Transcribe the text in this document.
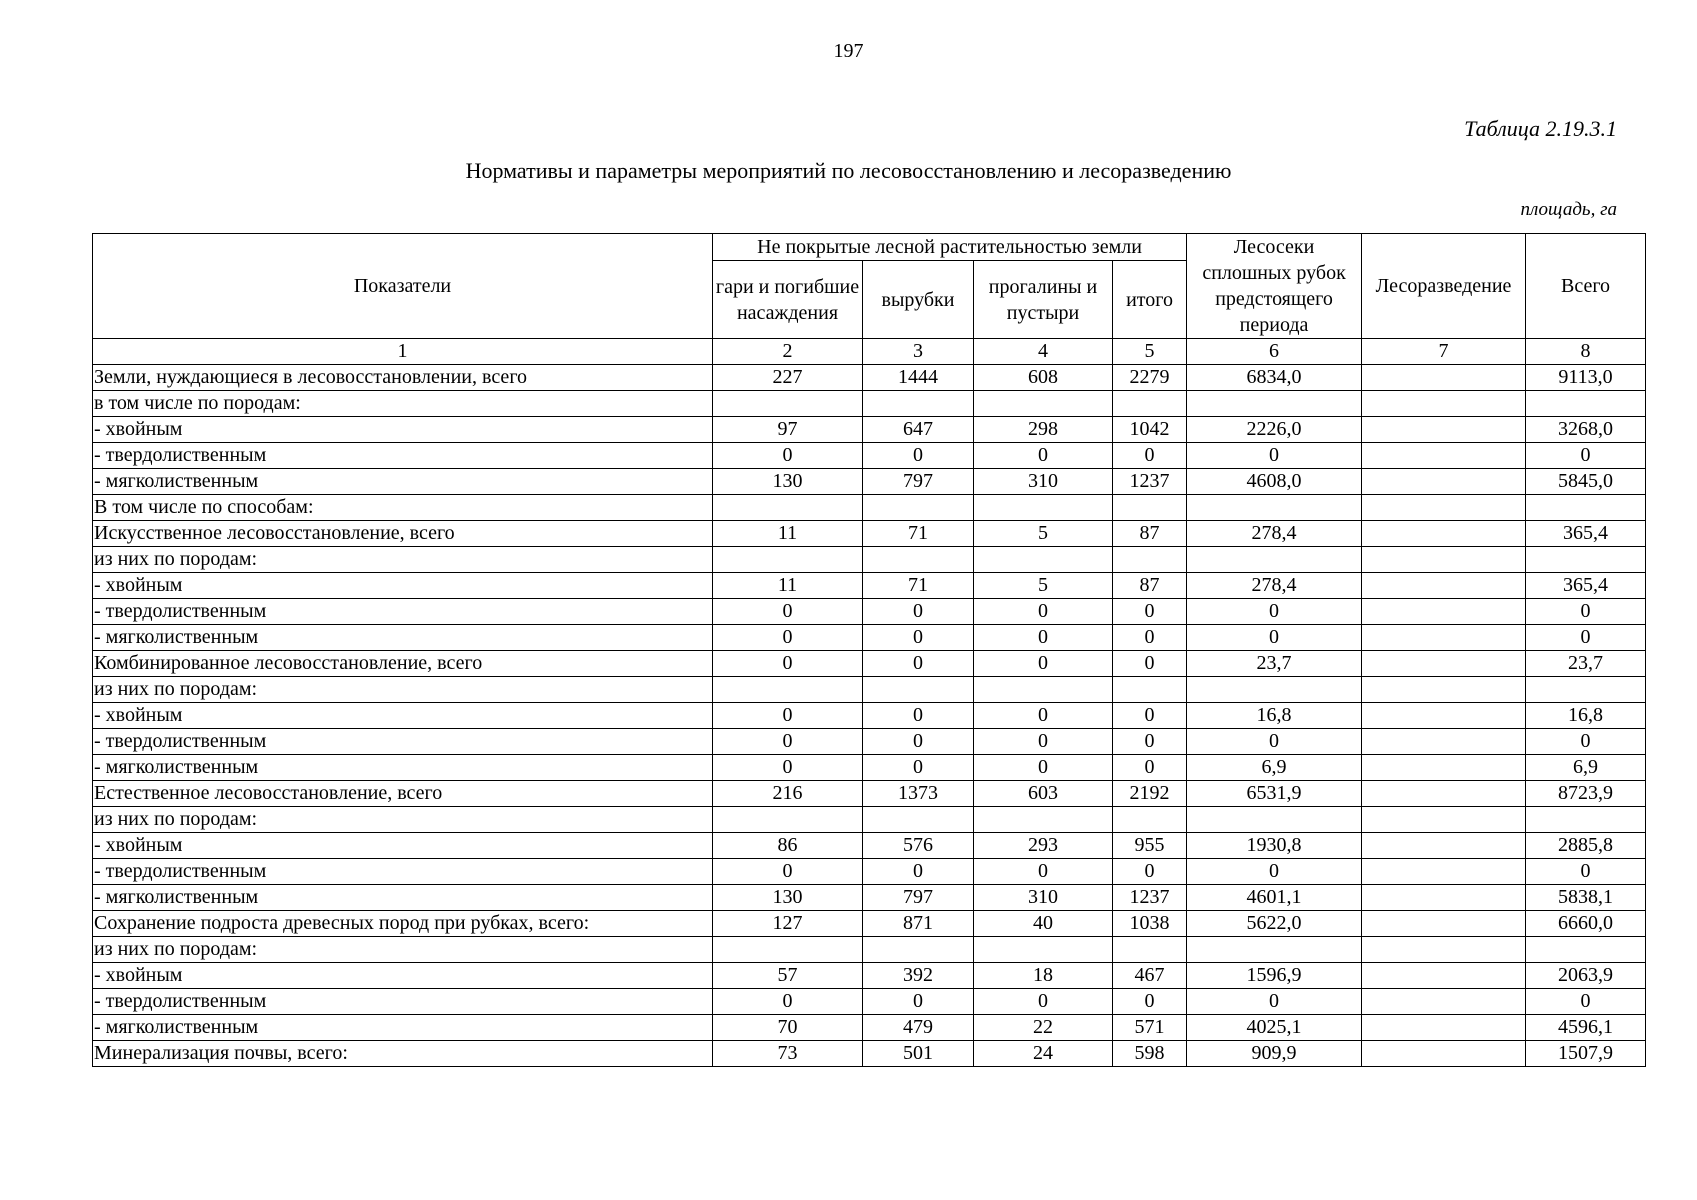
197
Таблица 2.19.3.1
Нормативы и параметры мероприятий по лесовосстановлению и лесоразведению
площадь, га
Показатели	Не покрытые лесной растительностью земли				Лесосеки сплошных рубок предстоящего периода	Лесоразведение	Всего
	гари и погибшие насаждения	вырубки	прогалины и пустыри	итого			
1	2	3	4	5	6	7	8
Земли, нуждающиеся в лесовосстановлении, всего	227	1444	608	2279	6834,0		9113,0
в том числе по породам:							
- хвойным	97	647	298	1042	2226,0		3268,0
- твердолиственным	0	0	0	0	0		0
- мягколиственным	130	797	310	1237	4608,0		5845,0
В том числе по способам:							
Искусственное лесовосстановление, всего	11	71	5	87	278,4		365,4
из них по породам:							
- хвойным	11	71	5	87	278,4		365,4
- твердолиственным	0	0	0	0	0		0
- мягколиственным	0	0	0	0	0		0
Комбинированное лесовосстановление, всего	0	0	0	0	23,7		23,7
из них по породам:							
- хвойным	0	0	0	0	16,8		16,8
- твердолиственным	0	0	0	0	0		0
- мягколиственным	0	0	0	0	6,9		6,9
Естественное лесовосстановление, всего	216	1373	603	2192	6531,9		8723,9
из них по породам:							
- хвойным	86	576	293	955	1930,8		2885,8
- твердолиственным	0	0	0	0	0		0
- мягколиственным	130	797	310	1237	4601,1		5838,1
Сохранение подроста древесных пород при рубках, всего:	127	871	40	1038	5622,0		6660,0
из них по породам:							
- хвойным	57	392	18	467	1596,9		2063,9
- твердолиственным	0	0	0	0	0		0
- мягколиственным	70	479	22	571	4025,1		4596,1
Минерализация почвы, всего:	73	501	24	598	909,9		1507,9
